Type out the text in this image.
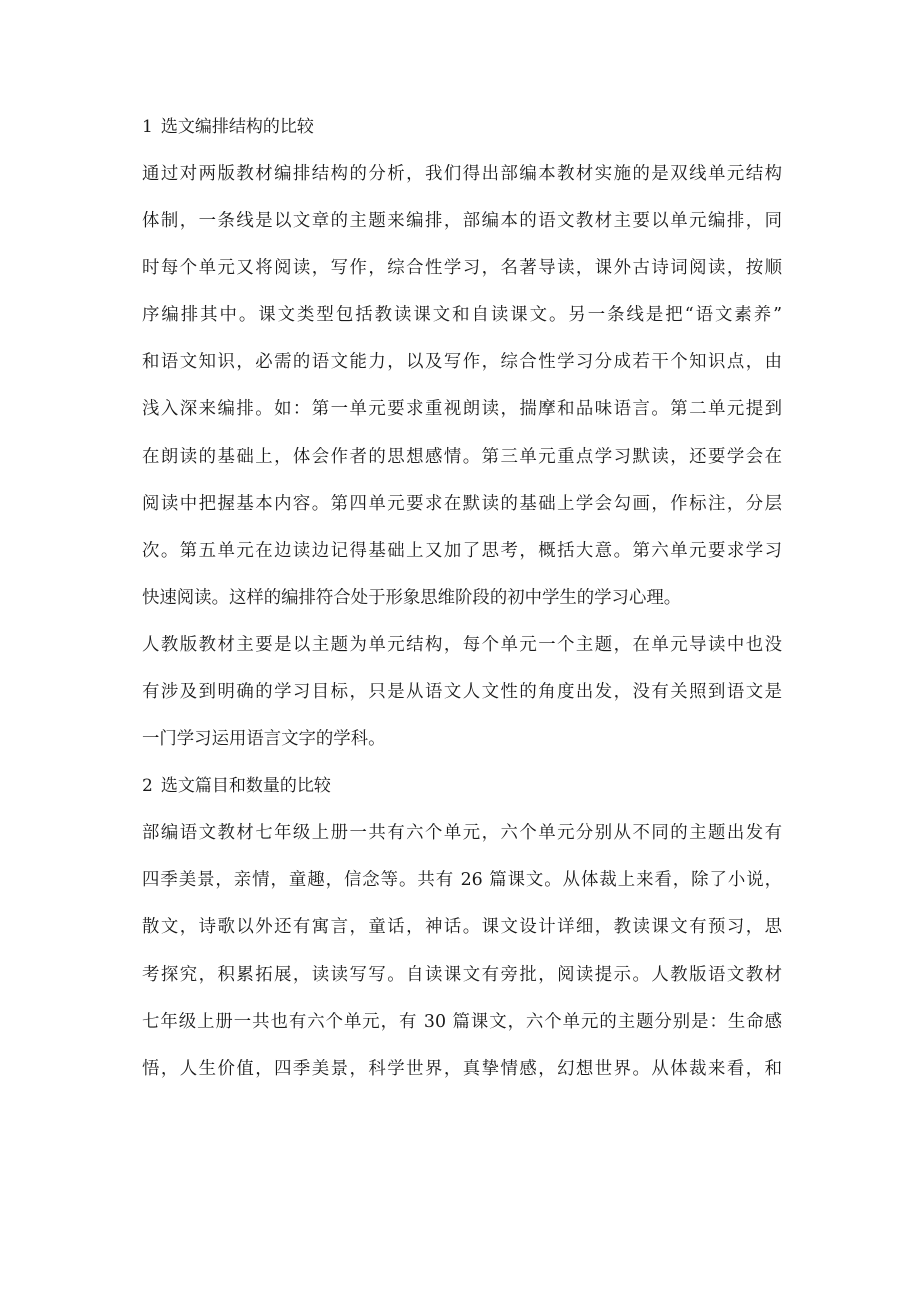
1 选文编排结构的比较

通过对两版教材编排结构的分析，我们得出部编本教材实施的是双线单元结构
体制，一条线是以文章的主题来编排，部编本的语文教材主要以单元编排，同
时每个单元又将阅读，写作，综合性学习，名著导读，课外古诗词阅读，按顺
序编排其中。课文类型包括教读课文和自读课文。另一条线是把“语文素养”
和语文知识，必需的语文能力，以及写作，综合性学习分成若干个知识点，由
浅入深来编排。如：第一单元要求重视朗读，揣摩和品味语言。第二单元提到
在朗读的基础上，体会作者的思想感情。第三单元重点学习默读，还要学会在
阅读中把握基本内容。第四单元要求在默读的基础上学会勾画，作标注，分层
次。第五单元在边读边记得基础上又加了思考，概括大意。第六单元要求学习
快速阅读。这样的编排符合处于形象思维阶段的初中学生的学习心理。

人教版教材主要是以主题为单元结构，每个单元一个主题，在单元导读中也没
有涉及到明确的学习目标，只是从语文人文性的角度出发，没有关照到语文是
一门学习运用语言文字的学科。

2 选文篇目和数量的比较

部编语文教材七年级上册一共有六个单元，六个单元分别从不同的主题出发有
四季美景，亲情，童趣，信念等。共有 26 篇课文。从体裁上来看，除了小说，
散文，诗歌以外还有寓言，童话，神话。课文设计详细，教读课文有预习，思
考探究，积累拓展，读读写写。自读课文有旁批，阅读提示。人教版语文教材
七年级上册一共也有六个单元，有 30 篇课文，六个单元的主题分别是：生命感
悟，人生价值，四季美景，科学世界，真挚情感，幻想世界。从体裁来看，和
